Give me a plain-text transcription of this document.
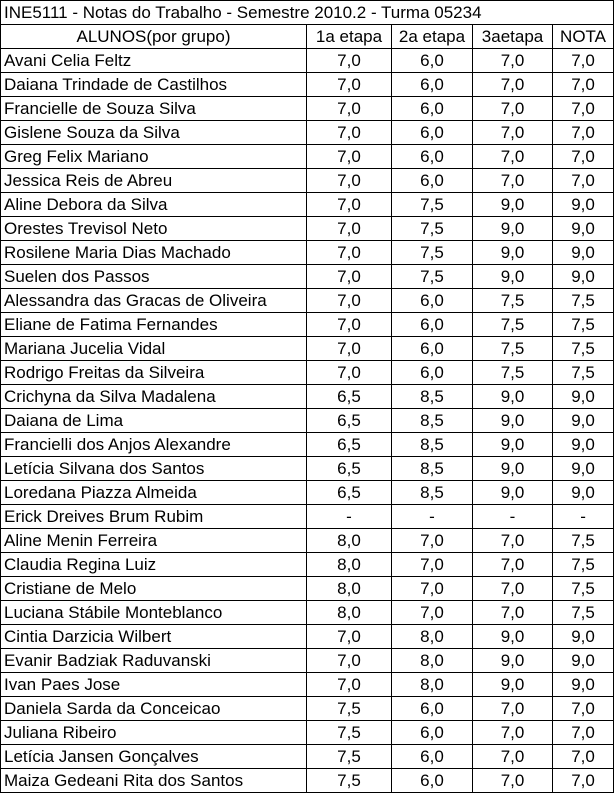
INE5111 - Notas do Trabalho - Semestre 2010.2 - Turma 05234				
ALUNOS(por grupo)	1a etapa	2a etapa	3aetapa	NOTA
Avani Celia Feltz	7,0	6,0	7,0	7,0
Daiana Trindade de Castilhos	7,0	6,0	7,0	7,0
Francielle de Souza Silva	7,0	6,0	7,0	7,0
Gislene Souza da Silva	7,0	6,0	7,0	7,0
Greg Felix Mariano	7,0	6,0	7,0	7,0
Jessica Reis de Abreu	7,0	6,0	7,0	7,0
Aline Debora da Silva	7,0	7,5	9,0	9,0
Orestes Trevisol Neto	7,0	7,5	9,0	9,0
Rosilene Maria Dias Machado	7,0	7,5	9,0	9,0
Suelen dos Passos	7,0	7,5	9,0	9,0
Alessandra das Gracas de Oliveira	7,0	6,0	7,5	7,5
Eliane de Fatima Fernandes	7,0	6,0	7,5	7,5
Mariana Jucelia Vidal	7,0	6,0	7,5	7,5
Rodrigo Freitas da Silveira	7,0	6,0	7,5	7,5
Crichyna da Silva Madalena	6,5	8,5	9,0	9,0
Daiana de Lima	6,5	8,5	9,0	9,0
Francielli dos Anjos Alexandre	6,5	8,5	9,0	9,0
Letícia Silvana dos Santos	6,5	8,5	9,0	9,0
Loredana Piazza Almeida	6,5	8,5	9,0	9,0
Erick Dreives Brum Rubim	-	-	-	-
Aline Menin Ferreira	8,0	7,0	7,0	7,5
Claudia Regina Luiz	8,0	7,0	7,0	7,5
Cristiane de Melo	8,0	7,0	7,0	7,5
Luciana Stábile Monteblanco	8,0	7,0	7,0	7,5
Cintia Darzicia Wilbert	7,0	8,0	9,0	9,0
Evanir Badziak Raduvanski	7,0	8,0	9,0	9,0
Ivan Paes Jose	7,0	8,0	9,0	9,0
Daniela Sarda da Conceicao	7,5	6,0	7,0	7,0
Juliana Ribeiro	7,5	6,0	7,0	7,0
Letícia Jansen Gonçalves	7,5	6,0	7,0	7,0
Maiza Gedeani Rita dos Santos	7,5	6,0	7,0	7,0
